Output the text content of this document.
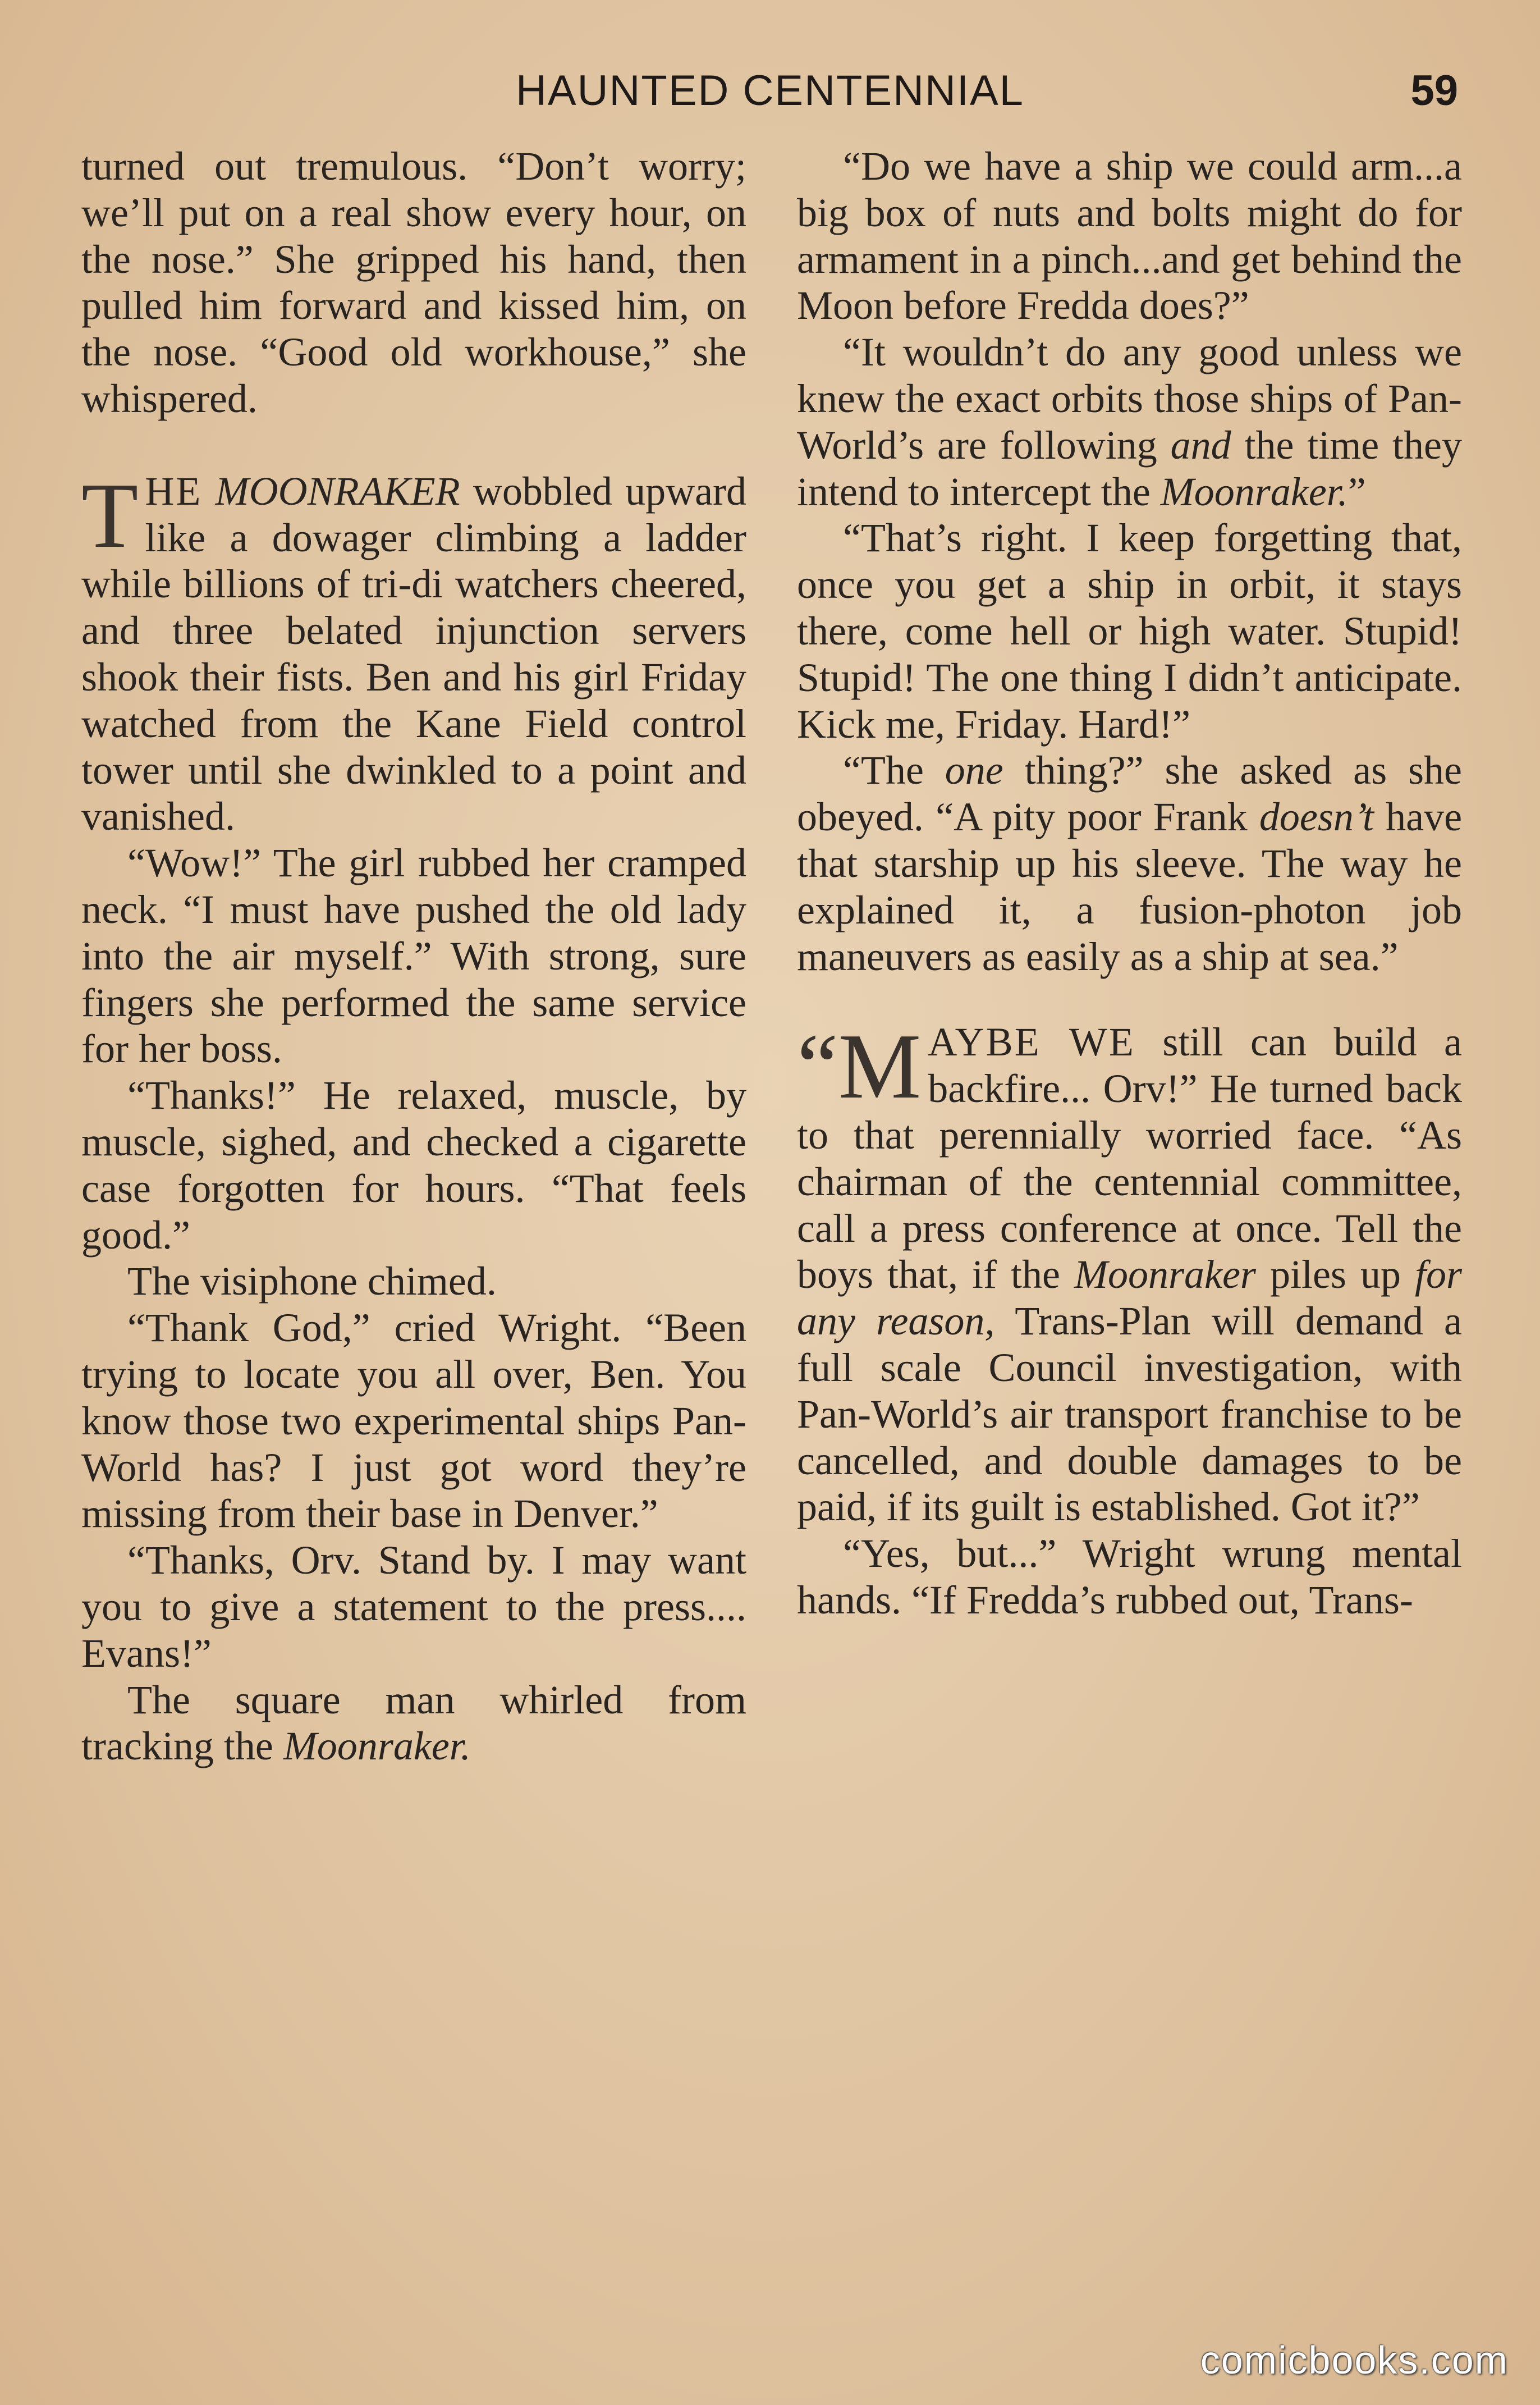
HAUNTED CENTENNIAL	59

turned out tremulous. “Don’t worry; we’ll put on a real show every hour, on the nose.” She gripped his hand, then pulled him forward and kissed him, on the nose. “Good old workhouse,” she whispered.

THE MOONRAKER wobbled upward like a dowager climbing a ladder while billions of tri-di watchers cheered, and three belated injunction servers shook their fists. Ben and his girl Friday watched from the Kane Field control tower until she dwinkled to a point and vanished.

“Wow!” The girl rubbed her cramped neck. “I must have pushed the old lady into the air myself.” With strong, sure fingers she performed the same service for her boss.

“Thanks!” He relaxed, muscle, by muscle, sighed, and checked a cigarette case forgotten for hours. “That feels good.”

The visiphone chimed.

“Thank God,” cried Wright. “Been trying to locate you all over, Ben. You know those two experimental ships Pan-World has? I just got word they’re missing from their base in Denver.”

“Thanks, Orv. Stand by. I may want you to give a statement to the press.... Evans!”

The square man whirled from tracking the Moonraker.

“Do we have a ship we could arm...a big box of nuts and bolts might do for armament in a pinch...and get behind the Moon before Fredda does?”

“It wouldn’t do any good unless we knew the exact orbits those ships of Pan-World’s are following and the time they intend to intercept the Moonraker.”

“That’s right. I keep forgetting that, once you get a ship in orbit, it stays there, come hell or high water. Stupid! Stupid! The one thing I didn’t anticipate. Kick me, Friday. Hard!”

“The one thing?” she asked as she obeyed. “A pity poor Frank doesn’t have that starship up his sleeve. The way he explained it, a fusion-photon job maneuvers as easily as a ship at sea.”

“MAYBE WE still can build a backfire... Orv!” He turned back to that perennially worried face. “As chairman of the centennial committee, call a press conference at once. Tell the boys that, if the Moonraker piles up for any reason, Trans-Plan will demand a full scale Council investigation, with Pan-World’s air transport franchise to be cancelled, and double damages to be paid, if its guilt is established. Got it?”

“Yes, but...” Wright wrung mental hands. “If Fredda’s rubbed out, Trans-

comicbooks.com
